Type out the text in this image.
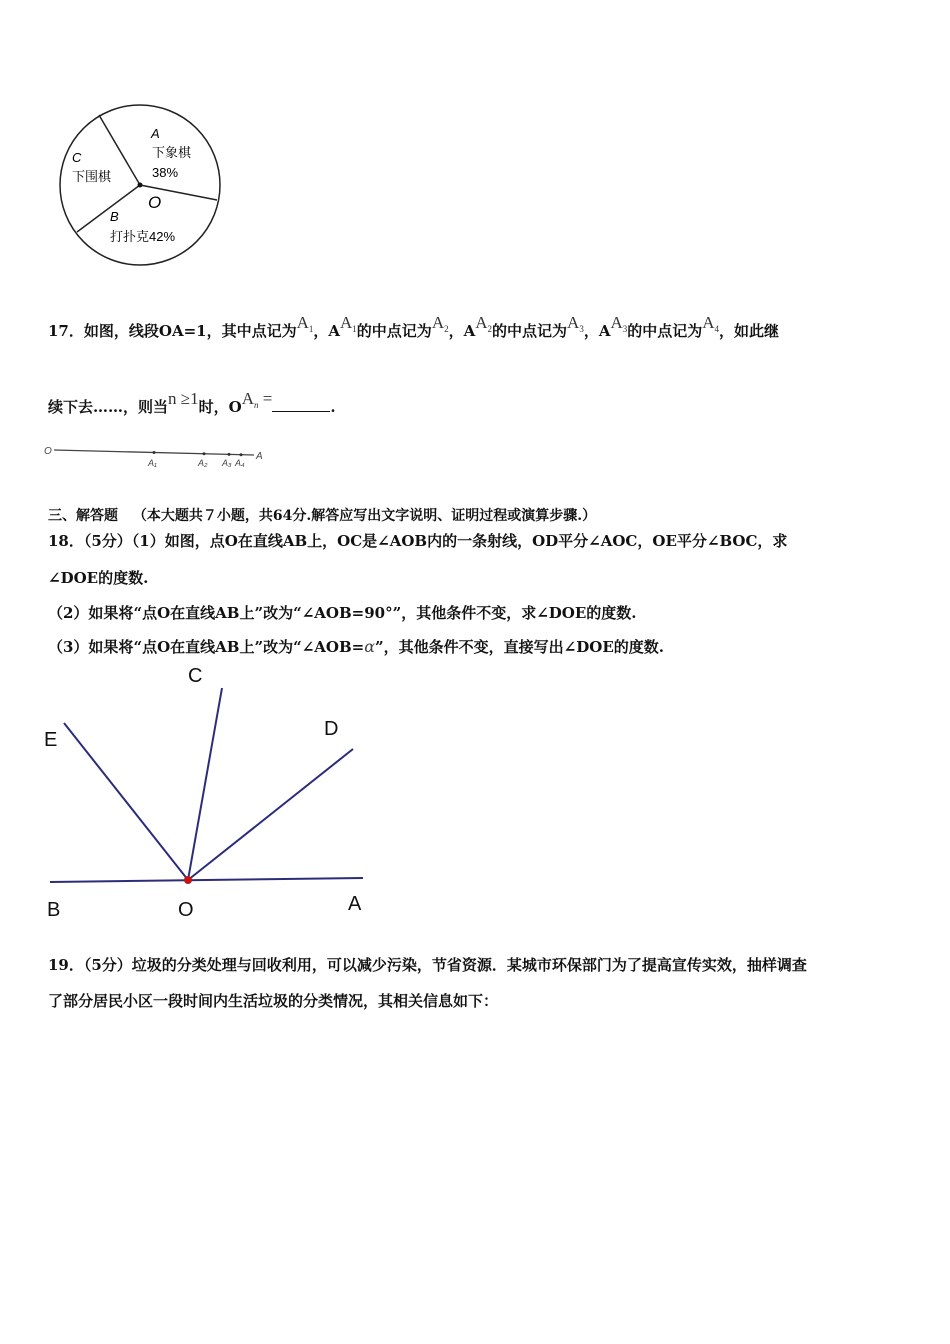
A
下象棋
38%
C
下围棋
O
B
打扑克42%
17．如图，线段OA=1，其中点记为$A_1$，$AA_1$的中点记为$A_2$，$AA_2$的中点记为$A_3$，$AA_3$的中点记为$A_4$，如此继
续下去……，则当n ≥1时，$OA_n$ =	.
O
A₁	A₂ A₃ A₄
A
三、解答题 （本大题共７小题，共64分.解答应写出文字说明、证明过程或演算步骤.）
18．（5分）（1）如图，点O在直线AB上，OC是∠AOB内的一条射线，OD平分∠AOC，OE平分∠BOC，求
∠DOE的度数.
（2）如果将“点O在直线AB上”改为“∠AOB=90°”，其他条件不变，求∠DOE的度数.
（3）如果将“点O在直线AB上”改为“∠AOB=α”，其他条件不变，直接写出∠DOE的度数.
C
D
E
B	O	A
19．（5分）垃圾的分类处理与回收利用，可以减少污染，节省资源．某城市环保部门为了提高宣传实效，抽样调查
了部分居民小区一段时间内生活垃圾的分类情况，其相关信息如下：
